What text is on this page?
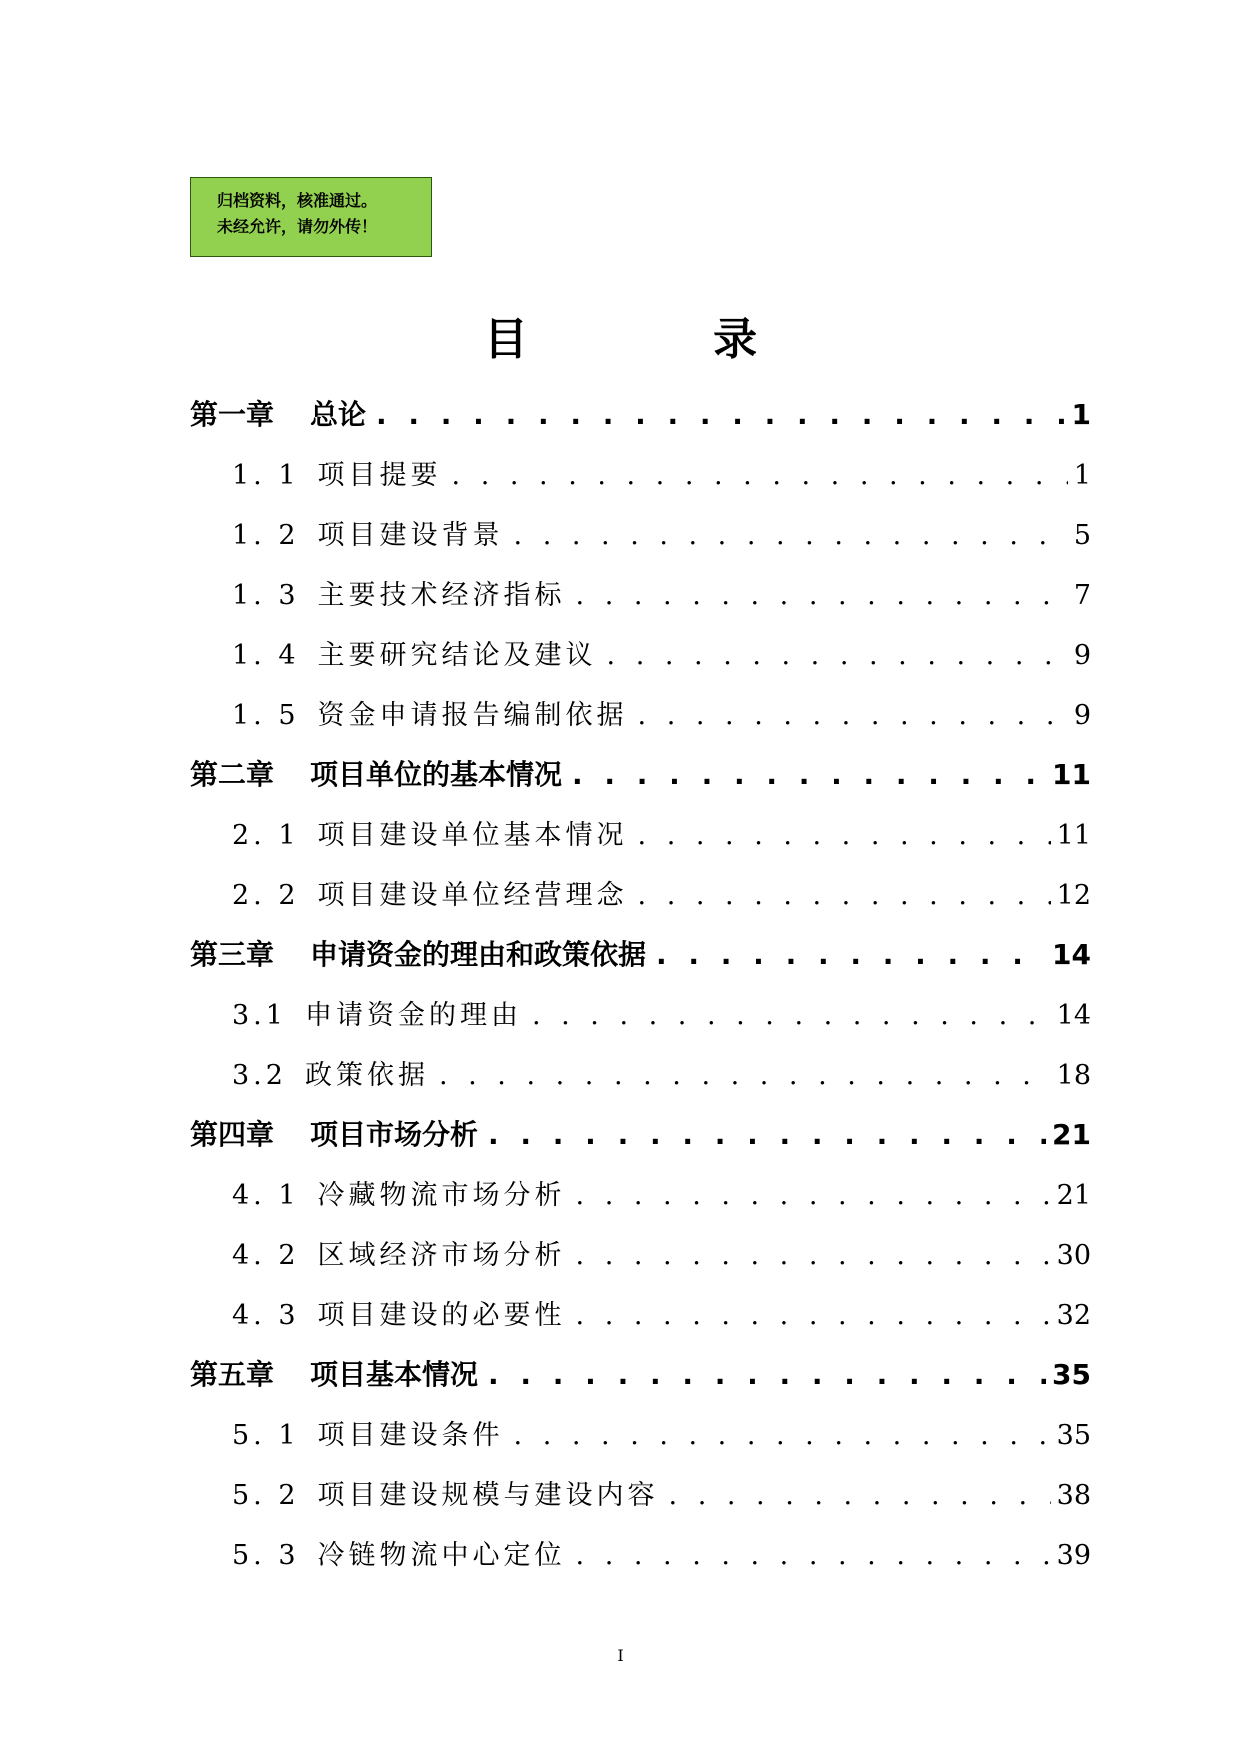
归档资料，核准通过。
未经允许，请勿外传！
目 录
第一章 总论 . . .	1
1. 1 项目提要 . . .	1
1. 2 项目建设背景 . . .	5
1. 3 主要技术经济指标 . . .	7
1. 4 主要研究结论及建议 . . .	9
1. 5 资金申请报告编制依据 . . .	9
第二章 项目单位的基本情况 . . .	11
2. 1 项目建设单位基本情况 . . .	11
2. 2 项目建设单位经营理念 . . .	12
第三章 申请资金的理由和政策依据 . . .	14
3.1 申请资金的理由 . . .	14
3.2 政策依据 . . .	18
第四章 项目市场分析 . . .	21
4. 1 冷藏物流市场分析 . . .	21
4. 2 区域经济市场分析 . . .	30
4. 3 项目建设的必要性 . . .	32
第五章 项目基本情况 . . .	35
5. 1 项目建设条件 . . .	35
5. 2 项目建设规模与建设内容 . . .	38
5. 3 冷链物流中心定位 . . .	39
I
